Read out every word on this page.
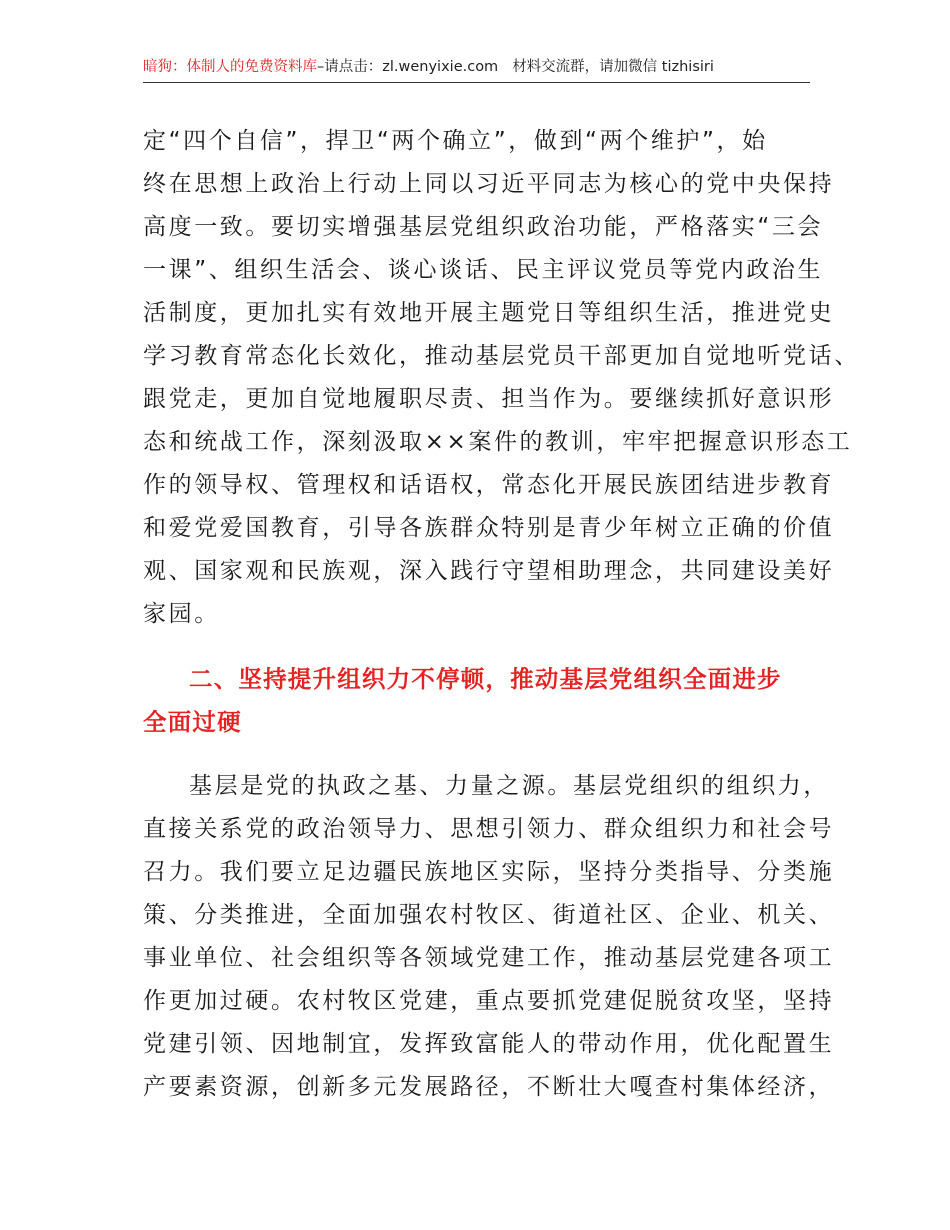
暗狗：体制人的免费资料库–请点击：zl.wenyixie.com 材料交流群，请加微信 tizhisiri
定“四个自信”，捍卫“两个确立”，做到“两个维护”，始
终在思想上政治上行动上同以习近平同志为核心的党中央保持
高度一致。要切实增强基层党组织政治功能，严格落实“三会
一课”、组织生活会、谈心谈话、民主评议党员等党内政治生
活制度，更加扎实有效地开展主题党日等组织生活，推进党史
学习教育常态化长效化，推动基层党员干部更加自觉地听党话、
跟党走，更加自觉地履职尽责、担当作为。要继续抓好意识形
态和统战工作，深刻汲取××案件的教训，牢牢把握意识形态工
作的领导权、管理权和话语权，常态化开展民族团结进步教育
和爱党爱国教育，引导各族群众特别是青少年树立正确的价值
观、国家观和民族观，深入践行守望相助理念，共同建设美好
家园。
二、坚持提升组织力不停顿，推动基层党组织全面进步
全面过硬
基层是党的执政之基、力量之源。基层党组织的组织力，
直接关系党的政治领导力、思想引领力、群众组织力和社会号
召力。我们要立足边疆民族地区实际，坚持分类指导、分类施
策、分类推进，全面加强农村牧区、街道社区、企业、机关、
事业单位、社会组织等各领域党建工作，推动基层党建各项工
作更加过硬。农村牧区党建，重点要抓党建促脱贫攻坚，坚持
党建引领、因地制宜，发挥致富能人的带动作用，优化配置生
产要素资源，创新多元发展路径，不断壮大嘎查村集体经济，
